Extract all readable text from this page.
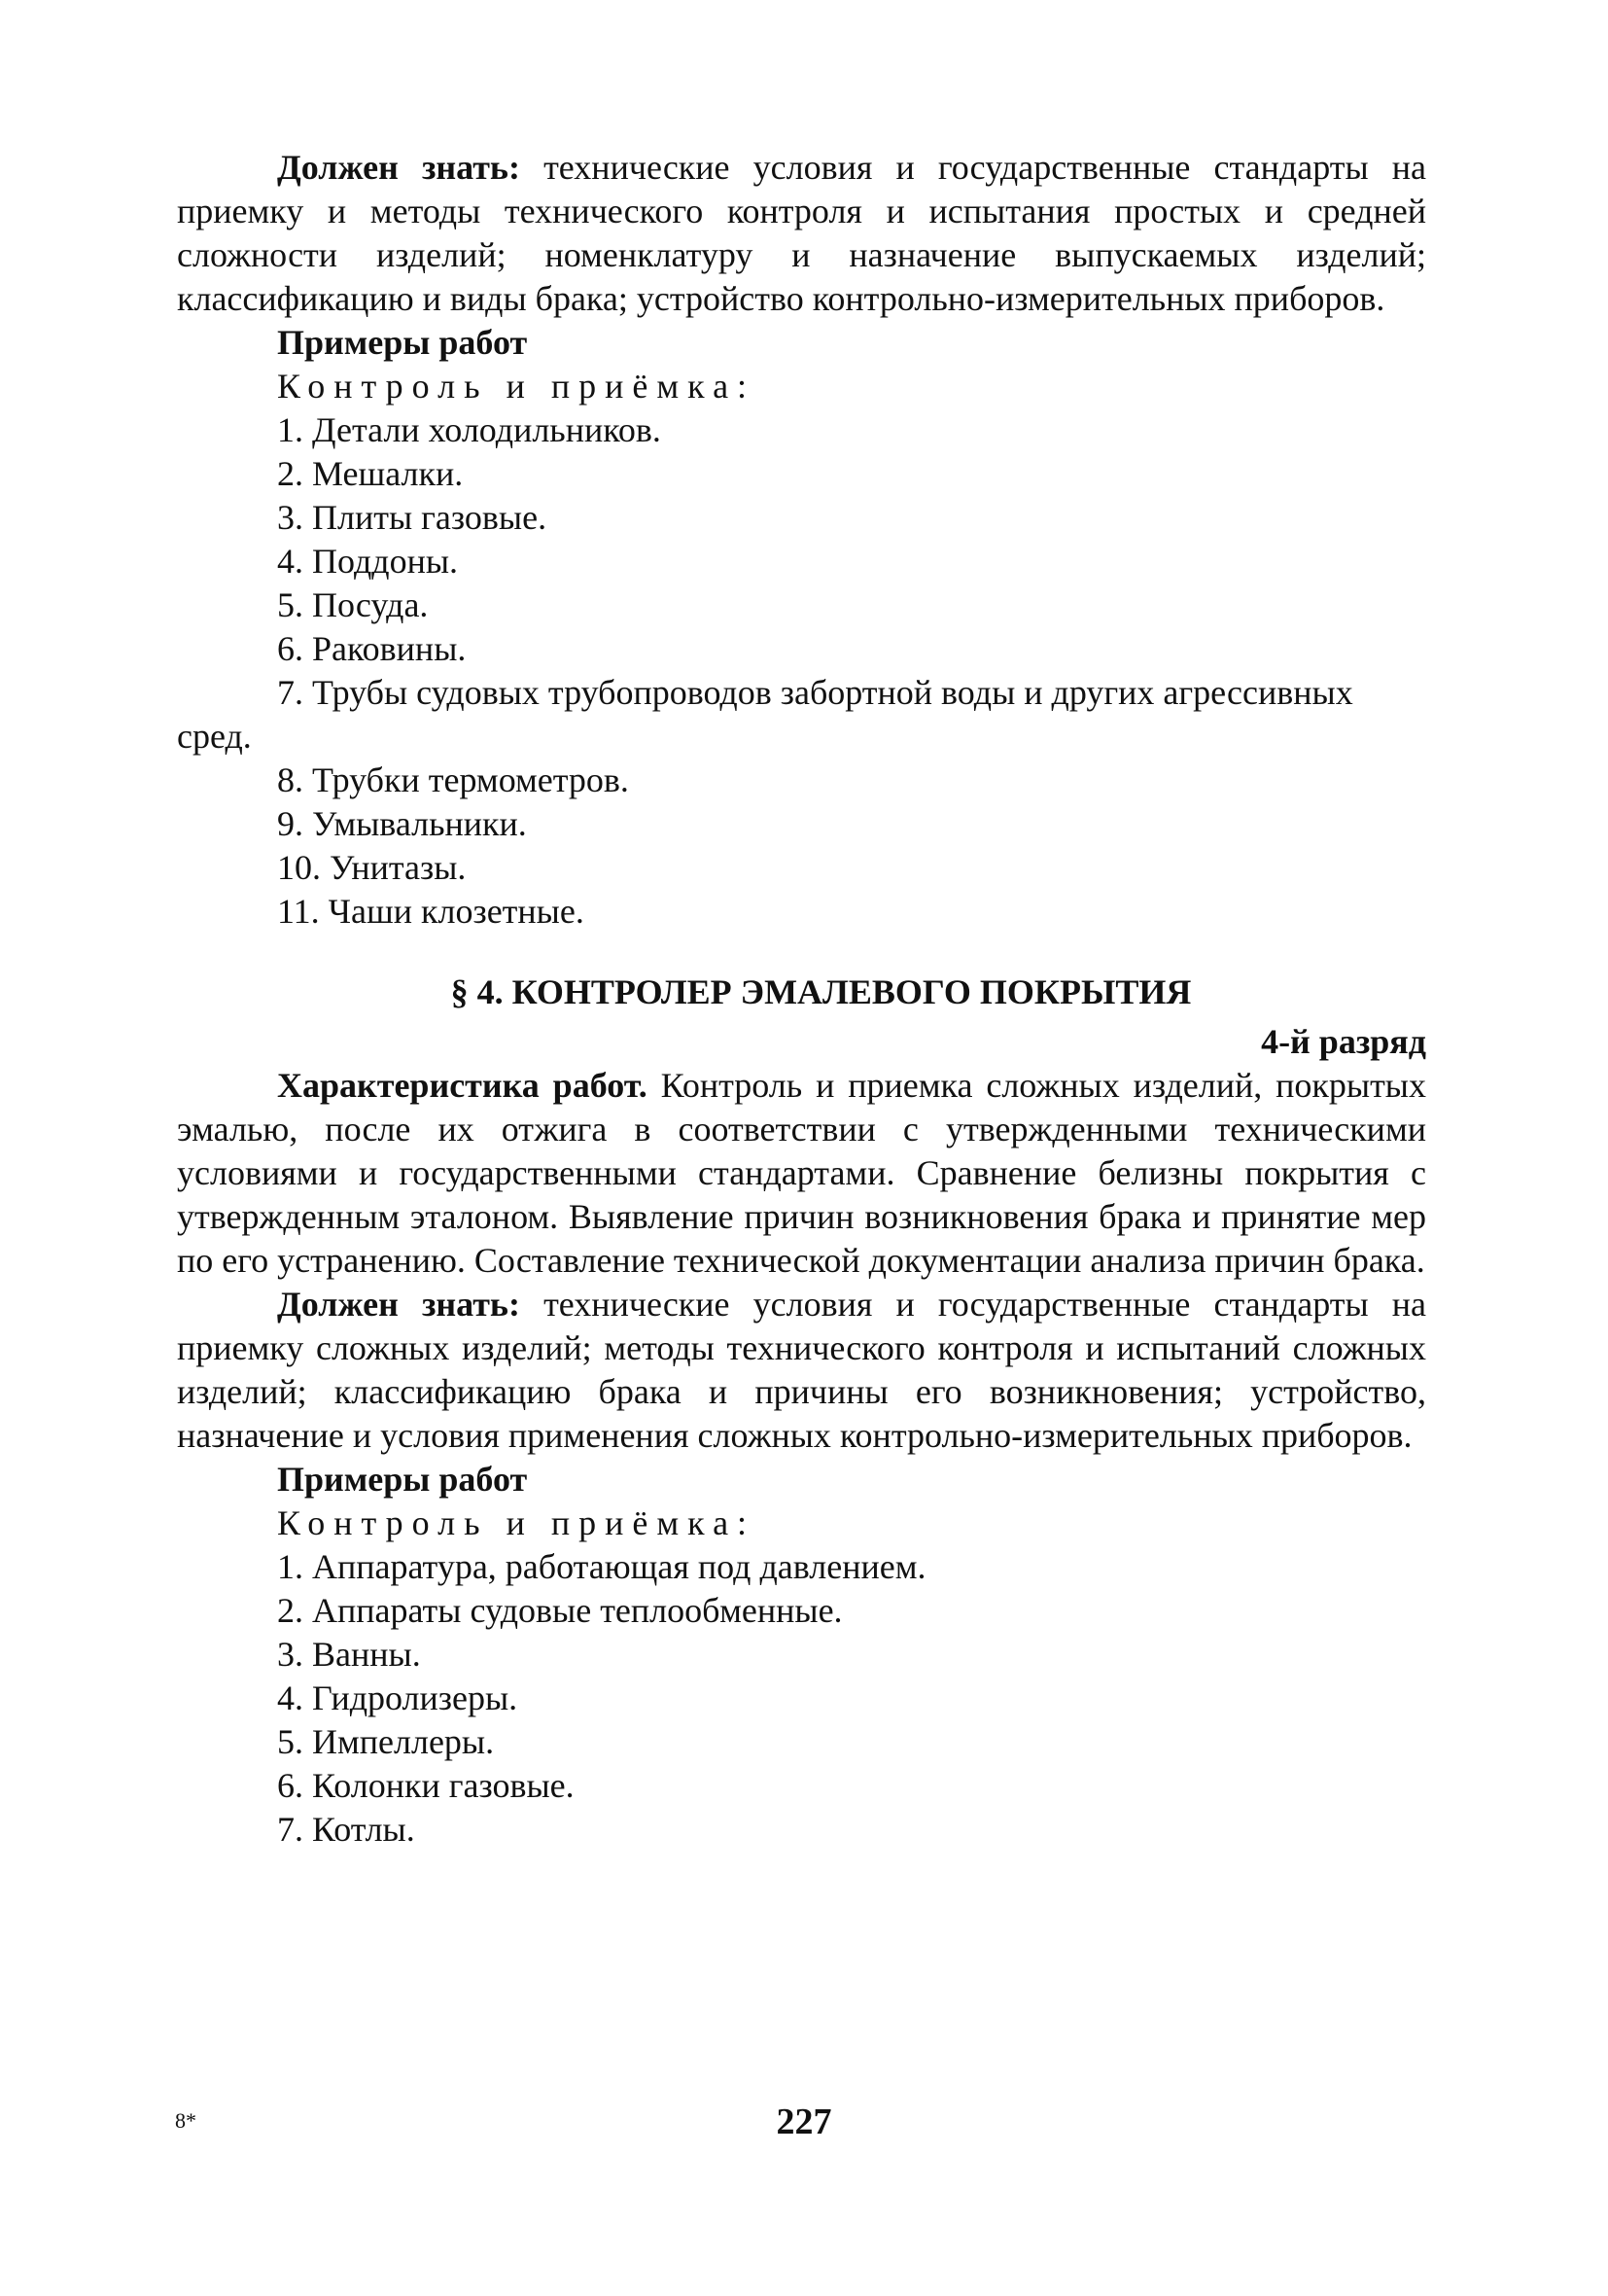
Должен знать: технические условия и государственные стандарты на приемку и методы технического контроля и испытания простых и средней сложности изделий; номенклатуру и назначение выпускаемых изделий; классификацию и виды брака; устройство контрольно-измерительных приборов.

Примеры работ

Контроль и приёмка:

1. Детали холодильников.

2. Мешалки.

3. Плиты газовые.

4. Поддоны.

5. Посуда.

6. Раковины.

7. Трубы судовых трубопроводов забортной воды и других агрессивных сред.

8. Трубки термометров.

9. Умывальники.

10. Унитазы.

11. Чаши клозетные.

§ 4. КОНТРОЛЕР ЭМАЛЕВОГО ПОКРЫТИЯ

4-й разряд

Характеристика работ. Контроль и приемка сложных изделий, покрытых эмалью, после их отжига в соответствии с утвержденными техническими условиями и государственными стандартами. Сравнение белизны покрытия с утвержденным эталоном. Выявление причин возникновения брака и принятие мер по его устранению. Составление технической документации анализа причин брака.

Должен знать: технические условия и государственные стандарты на приемку сложных изделий; методы технического контроля и испытаний сложных изделий; классификацию брака и причины его возникновения; устройство, назначение и условия применения сложных контрольно-измерительных приборов.

Примеры работ

Контроль и приёмка:

1. Аппаратура, работающая под давлением.

2. Аппараты судовые теплообменные.

3. Ванны.

4. Гидролизеры.

5. Импеллеры.

6. Колонки газовые.

7. Котлы.

8*	227
